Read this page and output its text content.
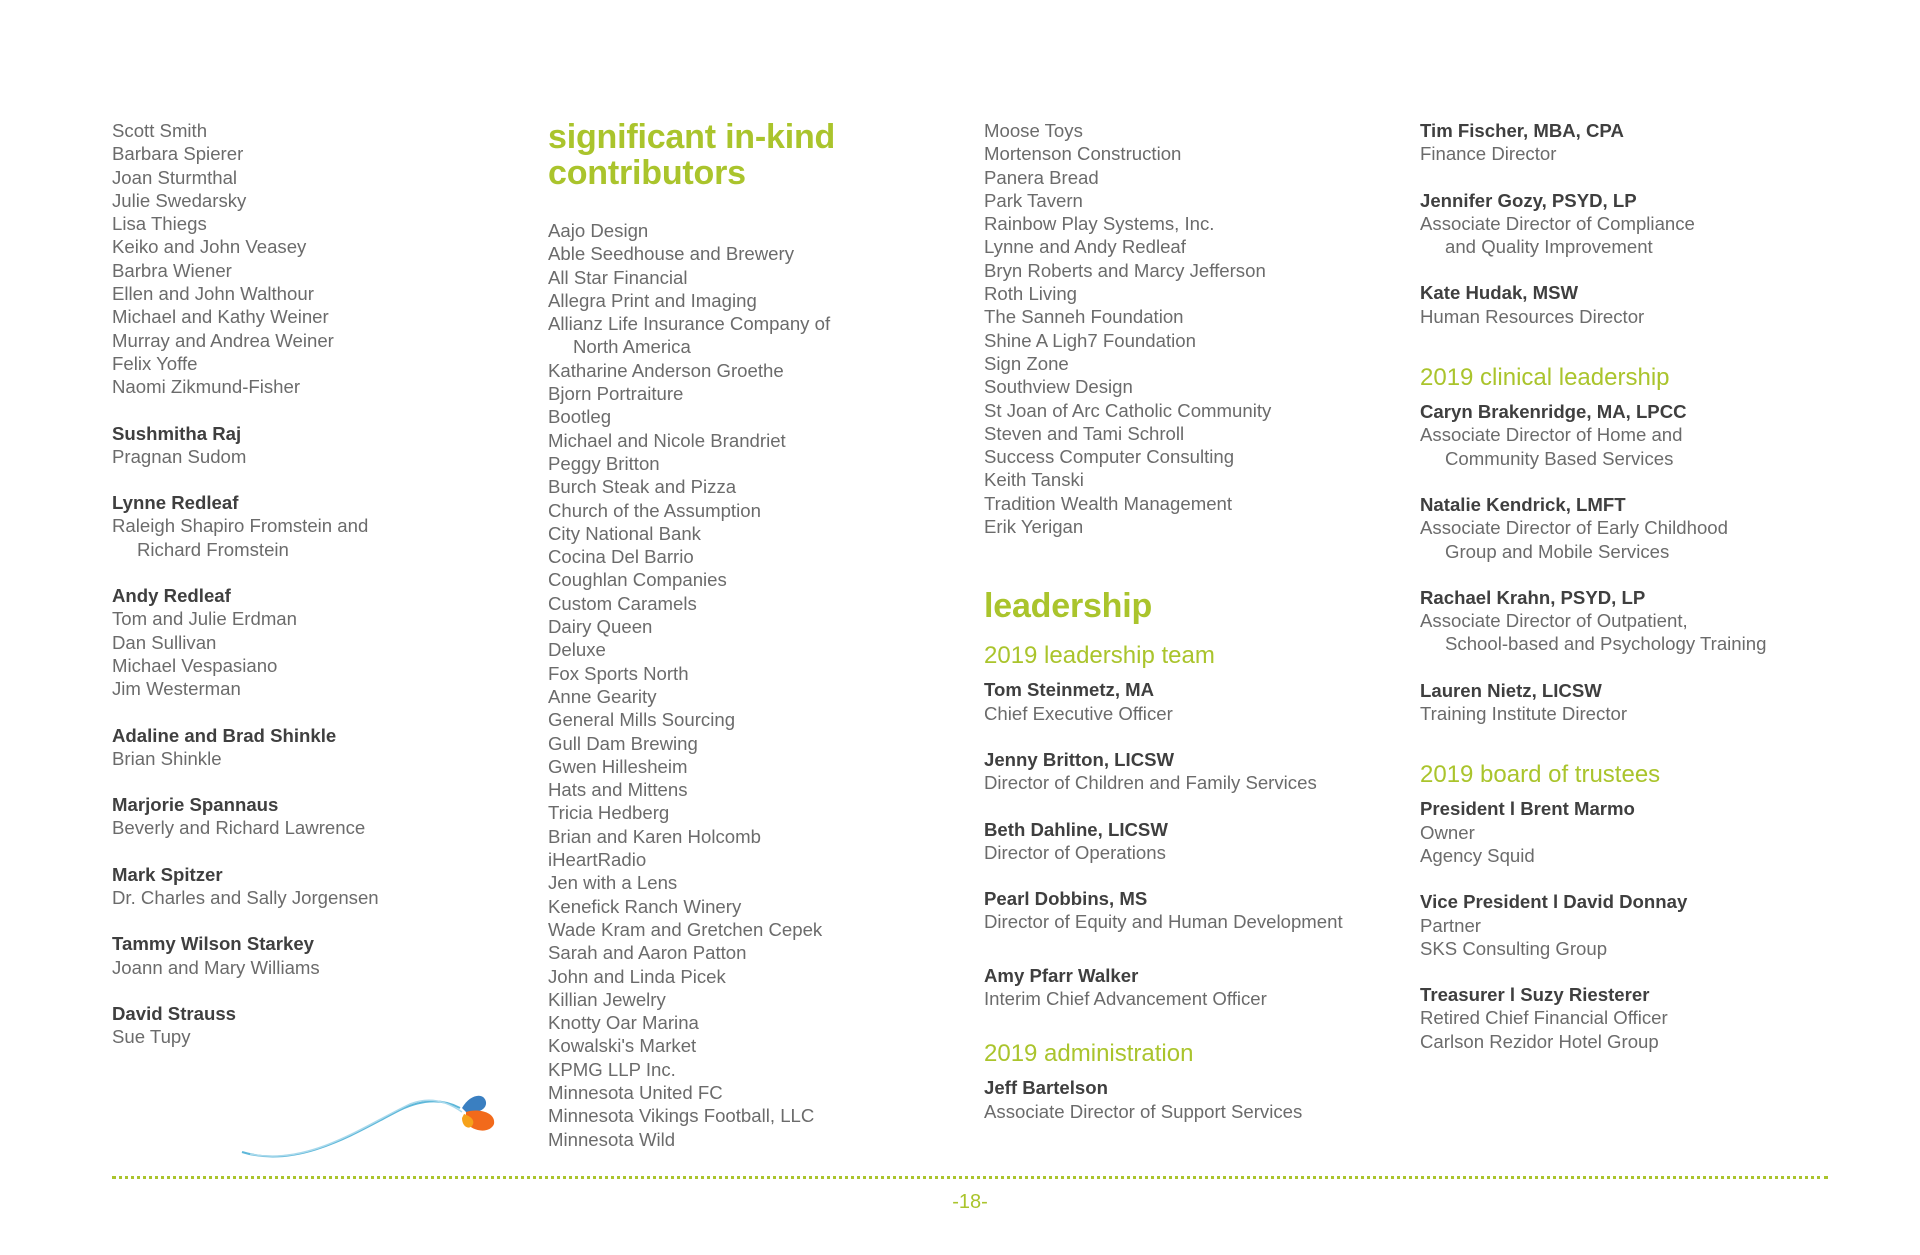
Scott Smith
Barbara Spierer
Joan Sturmthal
Julie Swedarsky
Lisa Thiegs
Keiko and John Veasey
Barbra Wiener
Ellen and John Walthour
Michael and Kathy Weiner
Murray and Andrea Weiner
Felix Yoffe
Naomi Zikmund-Fisher
Sushmitha Raj
Pragnan Sudom
Lynne Redleaf
Raleigh Shapiro Fromstein and
Richard Fromstein
Andy Redleaf
Tom and Julie Erdman
Dan Sullivan
Michael Vespasiano
Jim Westerman
Adaline and Brad Shinkle
Brian Shinkle
Marjorie Spannaus
Beverly and Richard Lawrence
Mark Spitzer
Dr. Charles and Sally Jorgensen
Tammy Wilson Starkey
Joann and Mary Williams
David Strauss
Sue Tupy
significant in-kind
contributors
Aajo Design
Able Seedhouse and Brewery
All Star Financial
Allegra Print and Imaging
Allianz Life Insurance Company of
North America
Katharine Anderson Groethe
Bjorn Portraiture
Bootleg
Michael and Nicole Brandriet
Peggy Britton
Burch Steak and Pizza
Church of the Assumption
City National Bank
Cocina Del Barrio
Coughlan Companies
Custom Caramels
Dairy Queen
Deluxe
Fox Sports North
Anne Gearity
General Mills Sourcing
Gull Dam Brewing
Gwen Hillesheim
Hats and Mittens
Tricia Hedberg
Brian and Karen Holcomb
iHeartRadio
Jen with a Lens
Kenefick Ranch Winery
Wade Kram and Gretchen Cepek
Sarah and Aaron Patton
John and Linda Picek
Killian Jewelry
Knotty Oar Marina
Kowalski's Market
KPMG LLP Inc.
Minnesota United FC
Minnesota Vikings Football, LLC
Minnesota Wild
Moose Toys
Mortenson Construction
Panera Bread
Park Tavern
Rainbow Play Systems, Inc.
Lynne and Andy Redleaf
Bryn Roberts and Marcy Jefferson
Roth Living
The Sanneh Foundation
Shine A Ligh7 Foundation
Sign Zone
Southview Design
St Joan of Arc Catholic Community
Steven and Tami Schroll
Success Computer Consulting
Keith Tanski
Tradition Wealth Management
Erik Yerigan
leadership
2019 leadership team
Tom Steinmetz, MA
Chief Executive Officer
Jenny Britton, LICSW
Director of Children and Family Services
Beth Dahline, LICSW
Director of Operations
Pearl Dobbins, MS
Director of Equity and Human Development
Amy Pfarr Walker
Interim Chief Advancement Officer
2019 administration
Jeff Bartelson
Associate Director of Support Services
Tim Fischer, MBA, CPA
Finance Director
Jennifer Gozy, PSYD, LP
Associate Director of Compliance
and Quality Improvement
Kate Hudak, MSW
Human Resources Director
2019 clinical leadership
Caryn Brakenridge, MA, LPCC
Associate Director of Home and
Community Based Services
Natalie Kendrick, LMFT
Associate Director of Early Childhood
Group and Mobile Services
Rachael Krahn, PSYD, LP
Associate Director of Outpatient,
School-based and Psychology Training
Lauren Nietz, LICSW
Training Institute Director
2019 board of trustees
President l Brent Marmo
Owner
Agency Squid
Vice President l David Donnay
Partner
SKS Consulting Group
Treasurer l Suzy Riesterer
Retired Chief Financial Officer
Carlson Rezidor Hotel Group
-18-
